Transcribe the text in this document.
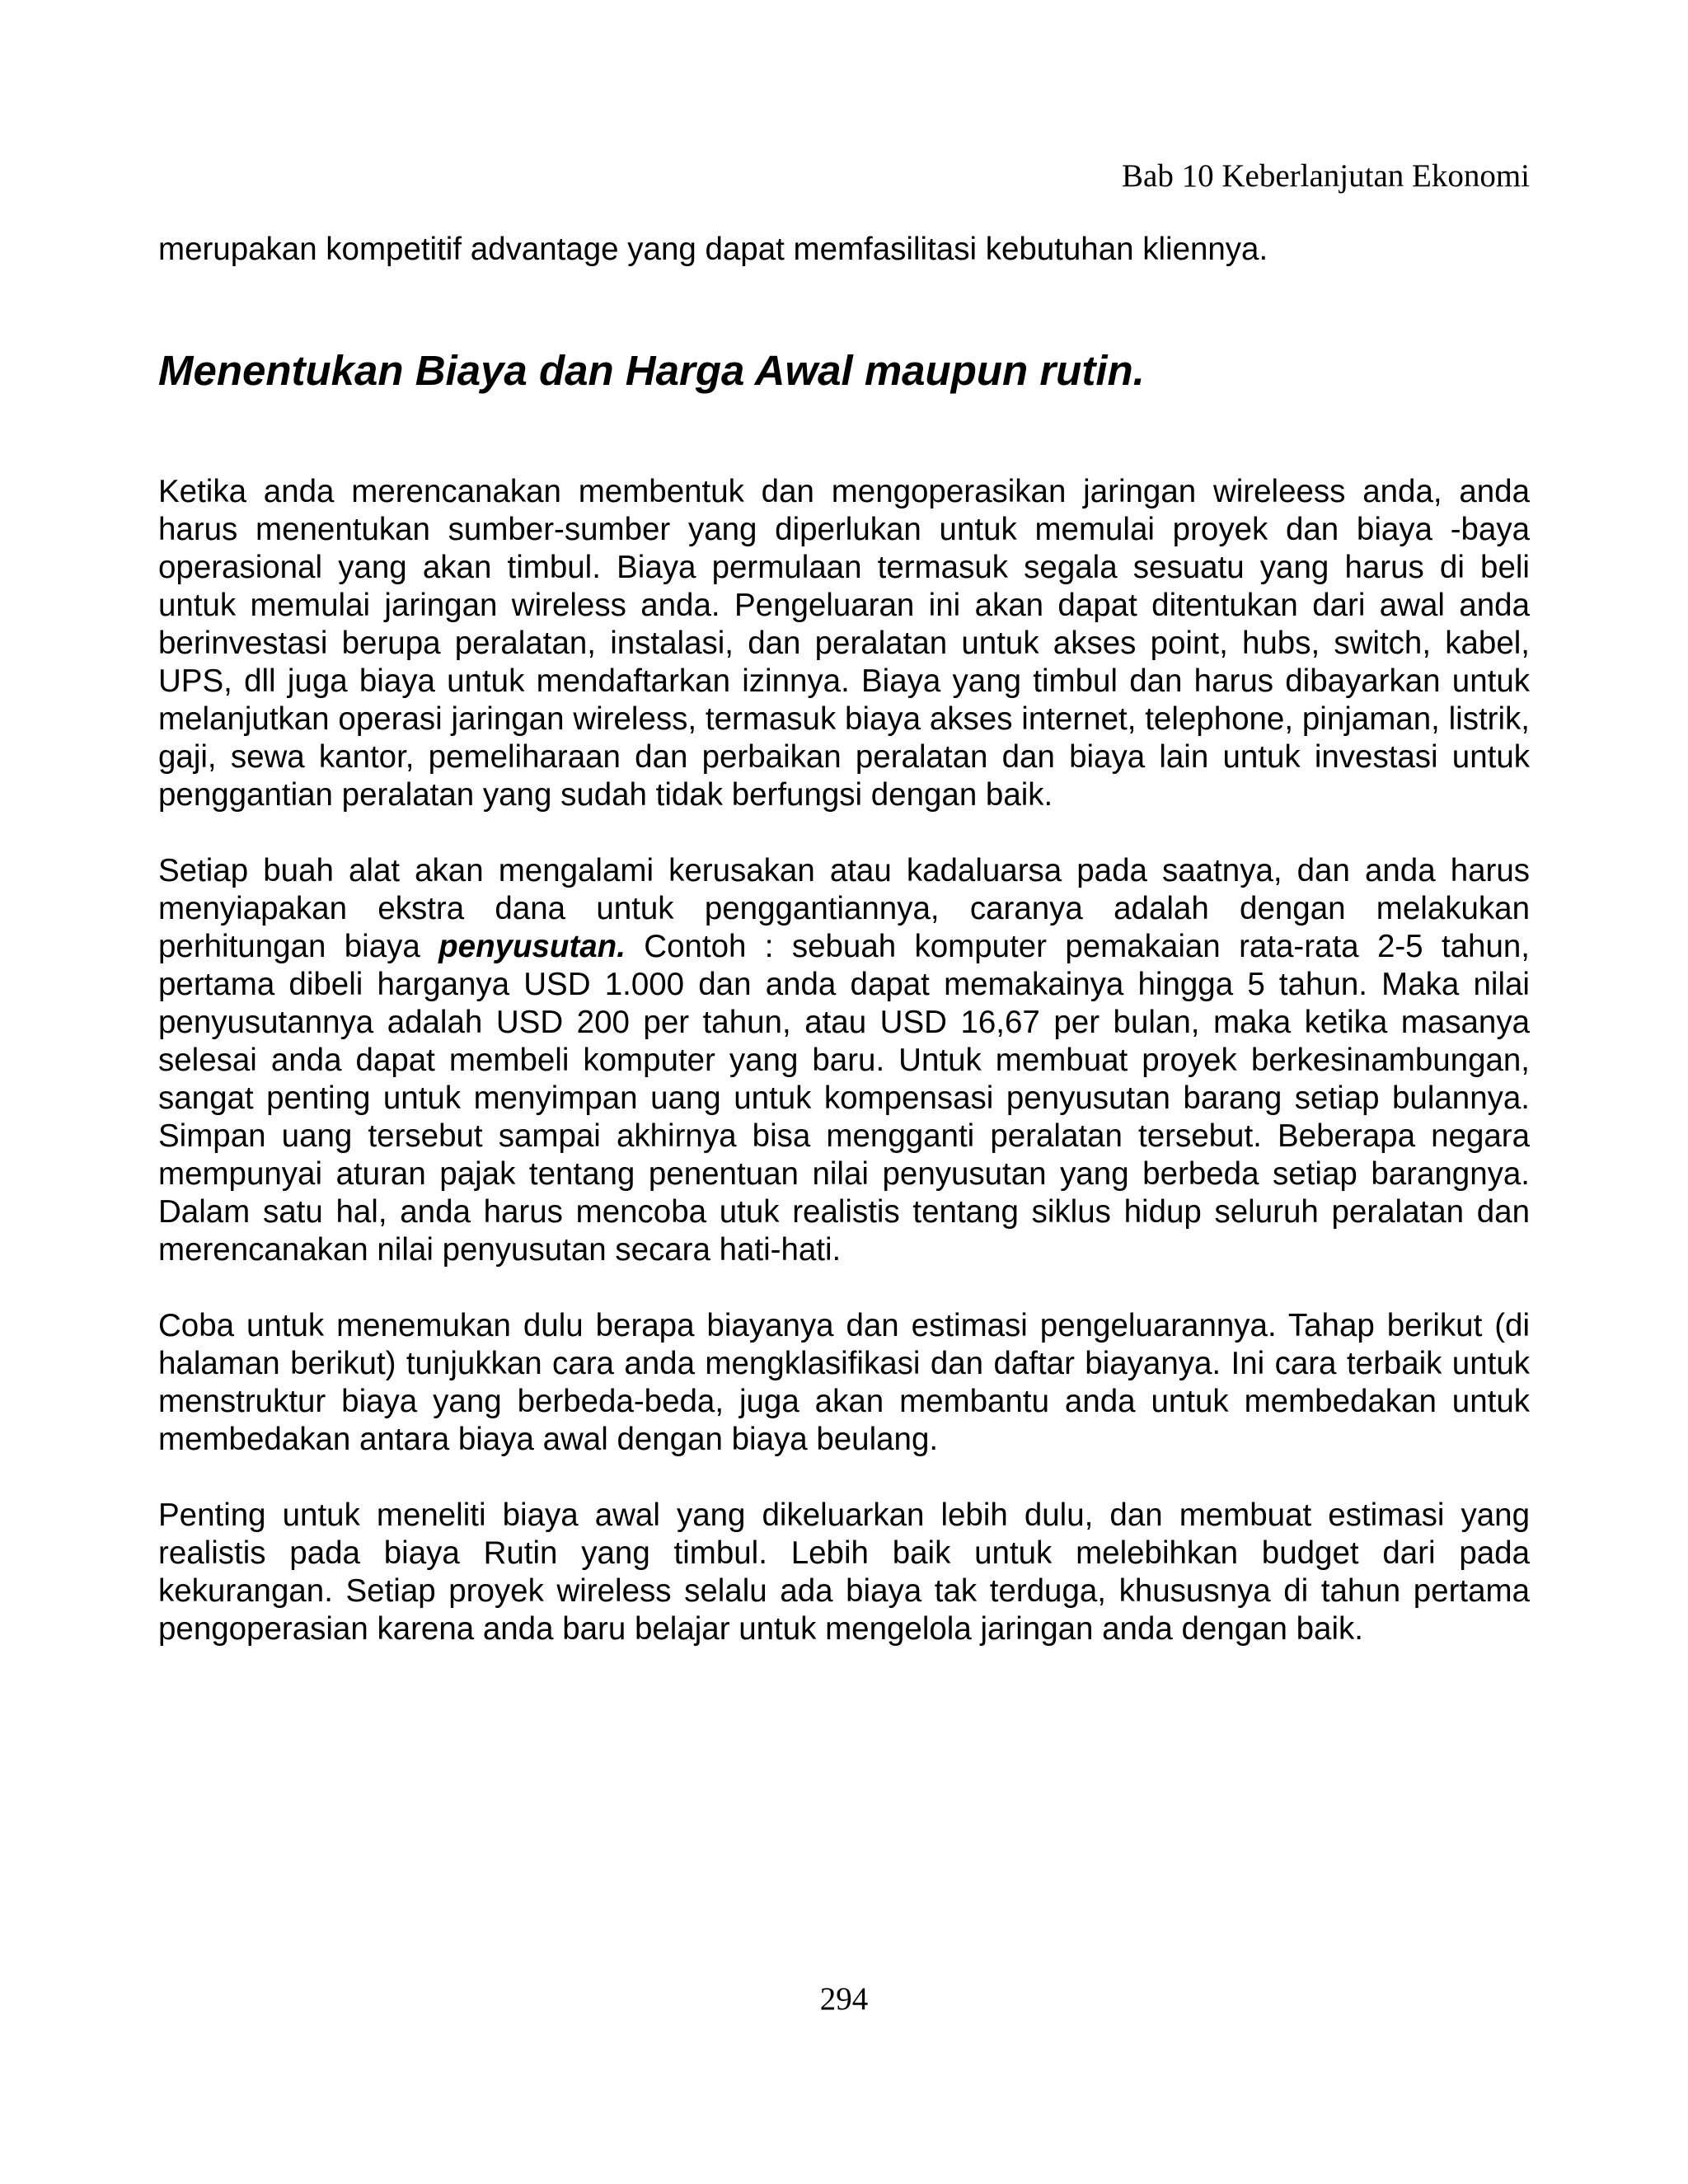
Bab 10 Keberlanjutan Ekonomi

merupakan kompetitif advantage yang dapat memfasilitasi kebutuhan kliennya.

Menentukan Biaya dan Harga Awal maupun rutin.

Ketika anda merencanakan membentuk dan mengoperasikan jaringan wireleess anda, anda harus menentukan sumber-sumber yang diperlukan untuk memulai proyek dan biaya -baya operasional yang akan timbul. Biaya permulaan termasuk segala sesuatu yang harus di beli untuk memulai jaringan wireless anda. Pengeluaran ini akan dapat ditentukan dari awal anda berinvestasi berupa peralatan, instalasi, dan peralatan untuk akses point, hubs, switch, kabel, UPS, dll juga biaya untuk mendaftarkan izinnya. Biaya yang timbul dan harus dibayarkan untuk melanjutkan operasi jaringan wireless, termasuk biaya akses internet, telephone, pinjaman, listrik, gaji, sewa kantor, pemeliharaan dan perbaikan peralatan dan biaya lain untuk investasi untuk penggantian peralatan yang sudah tidak berfungsi dengan baik.

Setiap buah alat akan mengalami kerusakan atau kadaluarsa pada saatnya, dan anda harus menyiapakan ekstra dana untuk penggantiannya, caranya adalah dengan melakukan perhitungan biaya penyusutan. Contoh : sebuah komputer pemakaian rata-rata 2-5 tahun, pertama dibeli harganya USD 1.000 dan anda dapat memakainya hingga 5 tahun. Maka nilai penyusutannya adalah USD 200 per tahun, atau USD 16,67 per bulan, maka ketika masanya selesai anda dapat membeli komputer yang baru. Untuk membuat proyek berkesinambungan, sangat penting untuk menyimpan uang untuk kompensasi penyusutan barang setiap bulannya. Simpan uang tersebut sampai akhirnya bisa mengganti peralatan tersebut. Beberapa negara mempunyai aturan pajak tentang penentuan nilai penyusutan yang berbeda setiap barangnya. Dalam satu hal, anda harus mencoba utuk realistis tentang siklus hidup seluruh peralatan dan merencanakan nilai penyusutan secara hati-hati.

Coba untuk menemukan dulu berapa biayanya dan estimasi pengeluarannya. Tahap berikut (di halaman berikut) tunjukkan cara anda mengklasifikasi dan daftar biayanya. Ini cara terbaik untuk menstruktur biaya yang berbeda-beda, juga akan membantu anda untuk membedakan untuk membedakan antara biaya awal dengan biaya beulang.

Penting untuk meneliti biaya awal yang dikeluarkan lebih dulu, dan membuat estimasi yang realistis pada biaya Rutin yang timbul. Lebih baik untuk melebihkan budget dari pada kekurangan. Setiap proyek wireless selalu ada biaya tak terduga, khususnya di tahun pertama pengoperasian karena anda baru belajar untuk mengelola jaringan anda dengan baik.

294
